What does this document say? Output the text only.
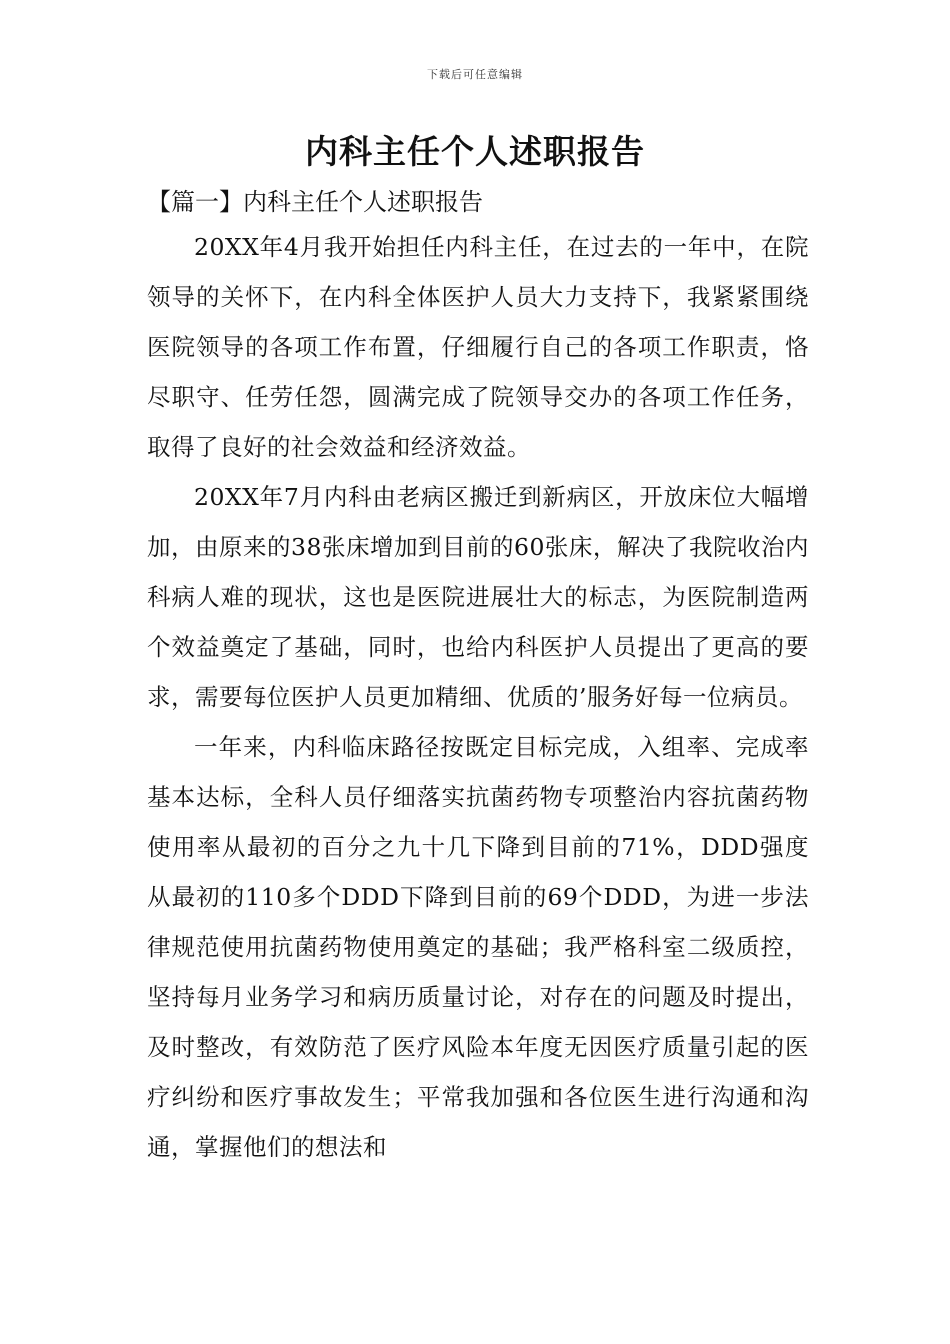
下载后可任意编辑
内科主任个人述职报告
【篇一】内科主任个人述职报告

20XX年4月我开始担任内科主任，在过去的一年中，在院领导的关怀下，在内科全体医护人员大力支持下，我紧紧围绕医院领导的各项工作布置，仔细履行自己的各项工作职责，恪尽职守、任劳任怨，圆满完成了院领导交办的各项工作任务，取得了良好的社会效益和经济效益。

20XX年7月内科由老病区搬迁到新病区，开放床位大幅增加，由原来的38张床增加到目前的60张床，解决了我院收治内科病人难的现状，这也是医院进展壮大的标志，为医院制造两个效益奠定了基础，同时，也给内科医护人员提出了更高的要求，需要每位医护人员更加精细、优质的’服务好每一位病员。

一年来，内科临床路径按既定目标完成，入组率、完成率基本达标，全科人员仔细落实抗菌药物专项整治内容抗菌药物使用率从最初的百分之九十几下降到目前的71%，DDD强度从最初的110多个DDD下降到目前的69个DDD，为进一步法律规范使用抗菌药物使用奠定的基础；我严格科室二级质控，坚持每月业务学习和病历质量讨论，对存在的问题及时提出，及时整改，有效防范了医疗风险本年度无因医疗质量引起的医疗纠纷和医疗事故发生；平常我加强和各位医生进行沟通和沟通，掌握他们的想法和
